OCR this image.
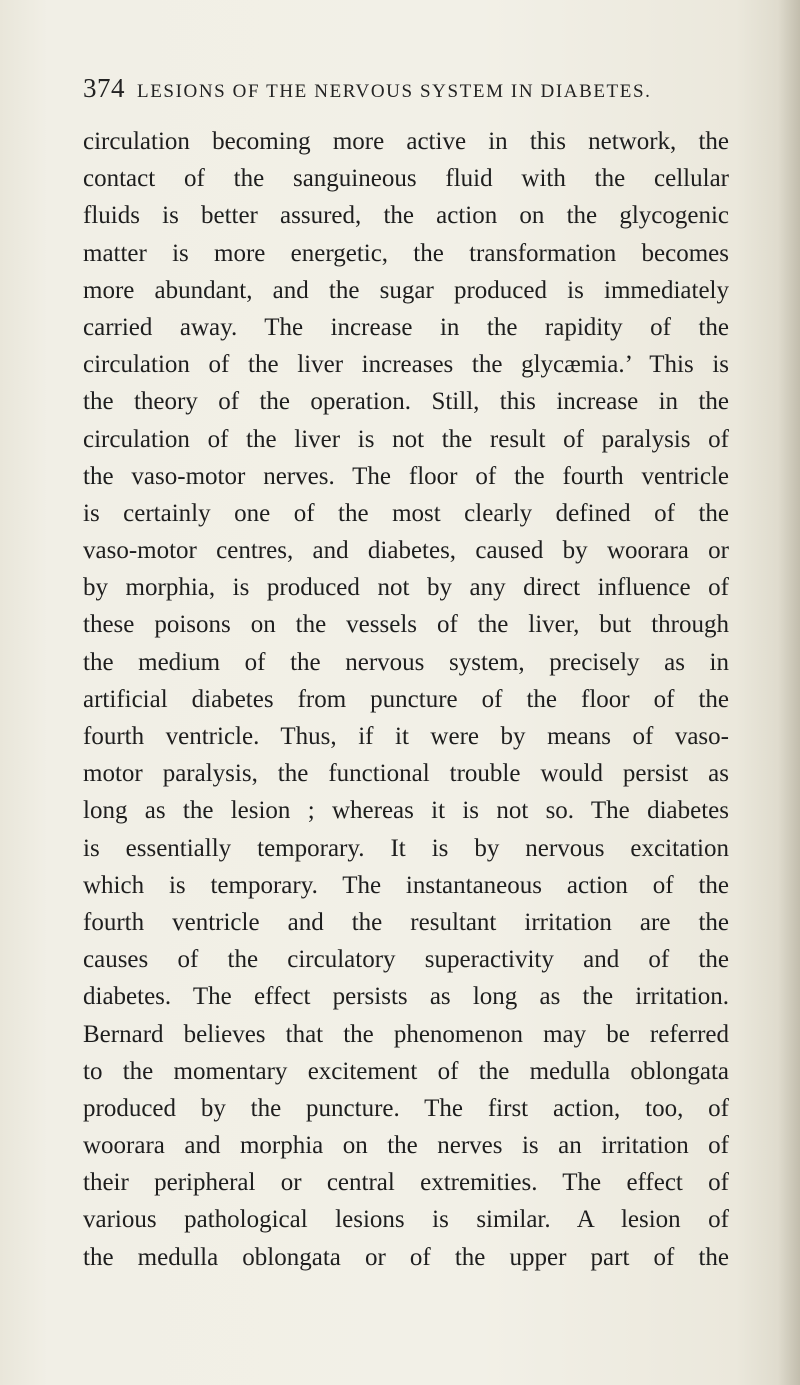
374 LESIONS OF THE NERVOUS SYSTEM IN DIABETES.
circulation becoming more active in this network, the
contact of the sanguineous fluid with the cellular
fluids is better assured, the action on the glycogenic
matter is more energetic, the transformation becomes
more abundant, and the sugar produced is immediately
carried away. The increase in the rapidity of the
circulation of the liver increases the glycæmia.’ This is
the theory of the operation. Still, this increase in the
circulation of the liver is not the result of paralysis of
the vaso-motor nerves. The floor of the fourth ventricle
is certainly one of the most clearly defined of the
vaso-motor centres, and diabetes, caused by woorara or
by morphia, is produced not by any direct influence of
these poisons on the vessels of the liver, but through
the medium of the nervous system, precisely as in
artificial diabetes from puncture of the floor of the
fourth ventricle. Thus, if it were by means of vaso-
motor paralysis, the functional trouble would persist as
long as the lesion ; whereas it is not so. The diabetes
is essentially temporary. It is by nervous excitation
which is temporary. The instantaneous action of the
fourth ventricle and the resultant irritation are the
causes of the circulatory superactivity and of the
diabetes. The effect persists as long as the irritation.
Bernard believes that the phenomenon may be referred
to the momentary excitement of the medulla oblongata
produced by the puncture. The first action, too, of
woorara and morphia on the nerves is an irritation of
their peripheral or central extremities. The effect of
various pathological lesions is similar. A lesion of
the medulla oblongata or of the upper part of the
